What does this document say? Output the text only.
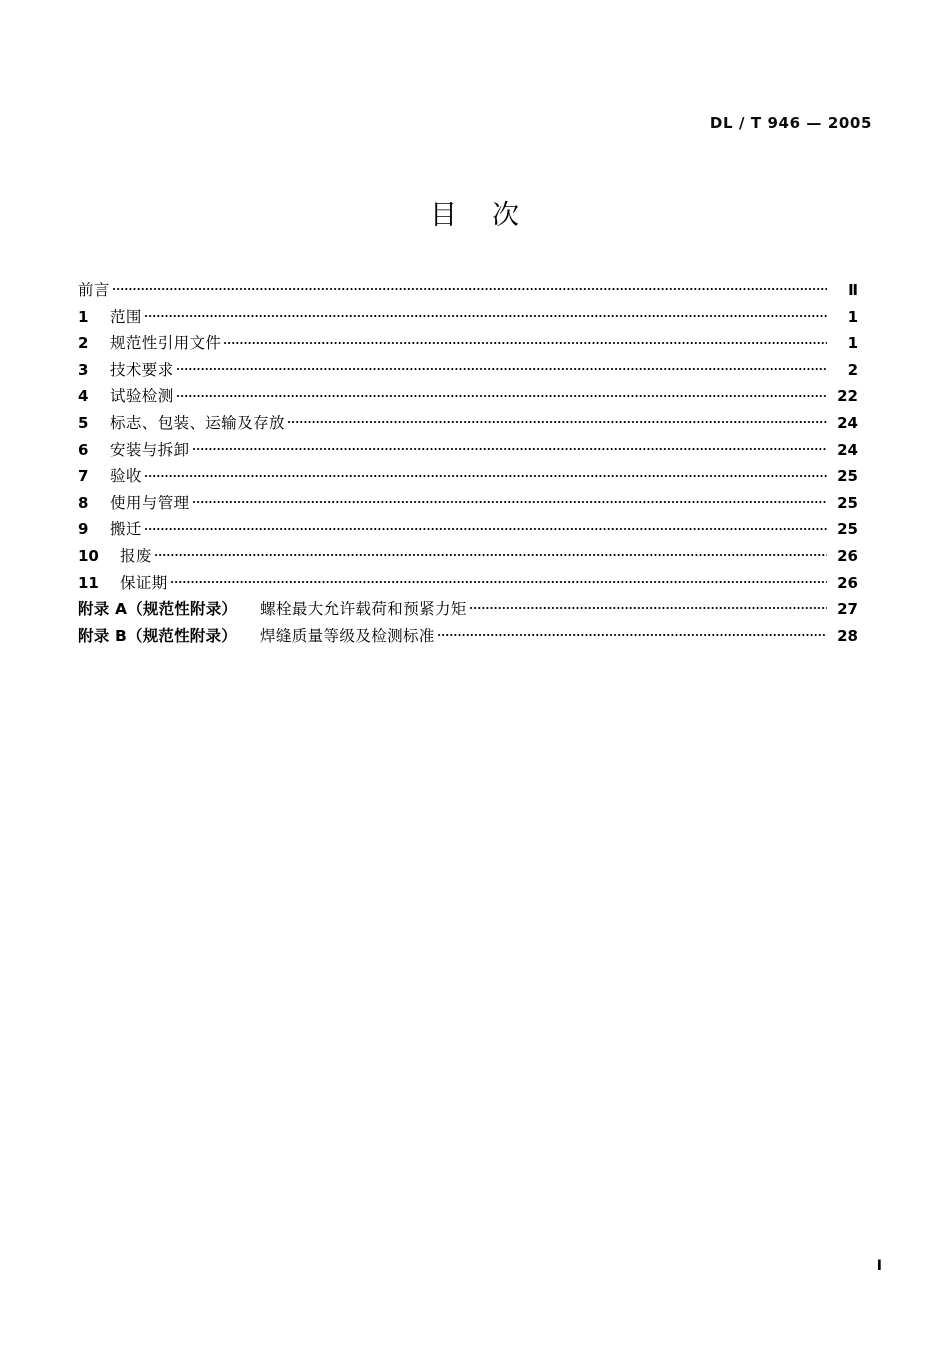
DL / T 946 — 2005
目 次
前言	Ⅱ
1	范围	1
2	规范性引用文件	1
3	技术要求	2
4	试验检测	22
5	标志、包装、运输及存放	24
6	安装与拆卸	24
7	验收	25
8	使用与管理	25
9	搬迁	25
10	报废	26
11	保证期	26
附录 A（规范性附录）	螺栓最大允许载荷和预紧力矩	27
附录 B（规范性附录）	焊缝质量等级及检测标准	28
Ⅰ
